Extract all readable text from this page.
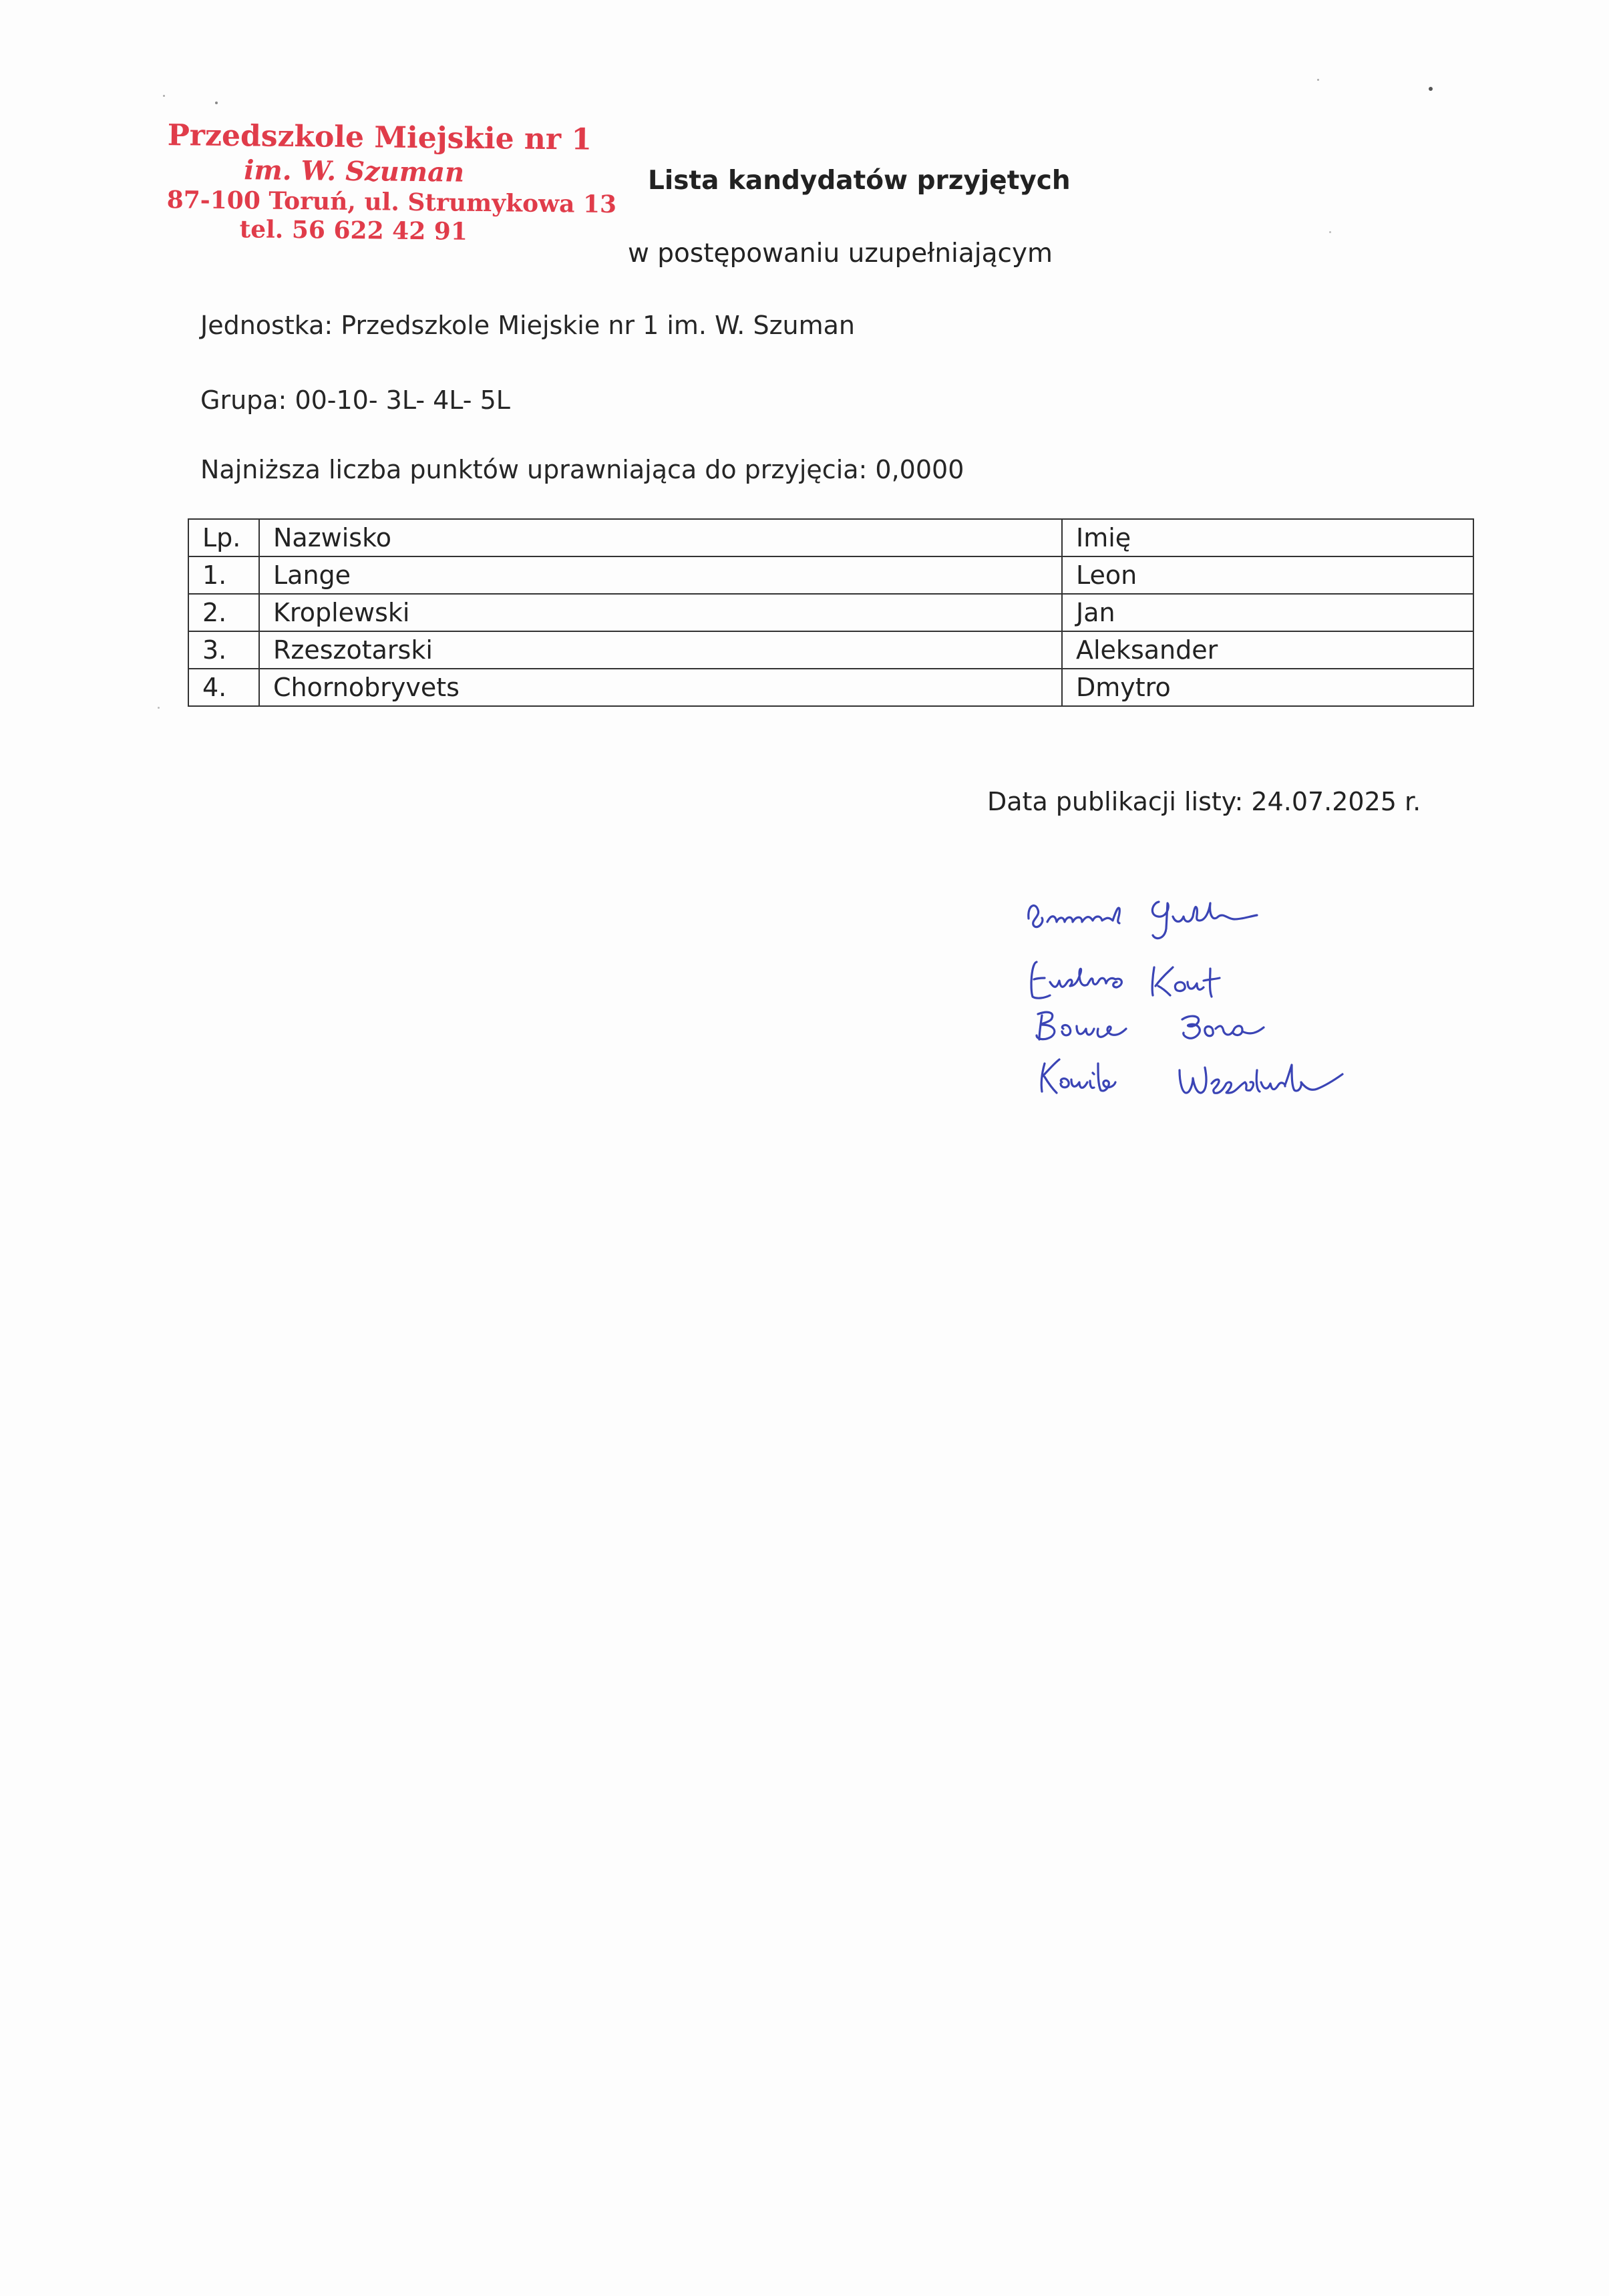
Przedszkole Miejskie nr 1
im. W. Szuman
87-100 Toruń, ul. Strumykowa 13
tel. 56 622 42 91
Lista kandydatów przyjętych
w postępowaniu uzupełniającym
Jednostka: Przedszkole Miejskie nr 1 im. W. Szuman
Grupa: 00-10- 3L- 4L- 5L
Najniższa liczba punktów uprawniająca do przyjęcia: 0,0000
Lp.	Nazwisko	Imię
1.	Lange	Leon
2.	Kroplewski	Jan
3.	Rzeszotarski	Aleksander
4.	Chornobryvets	Dmytro
Data publikacji listy: 24.07.2025 r.
